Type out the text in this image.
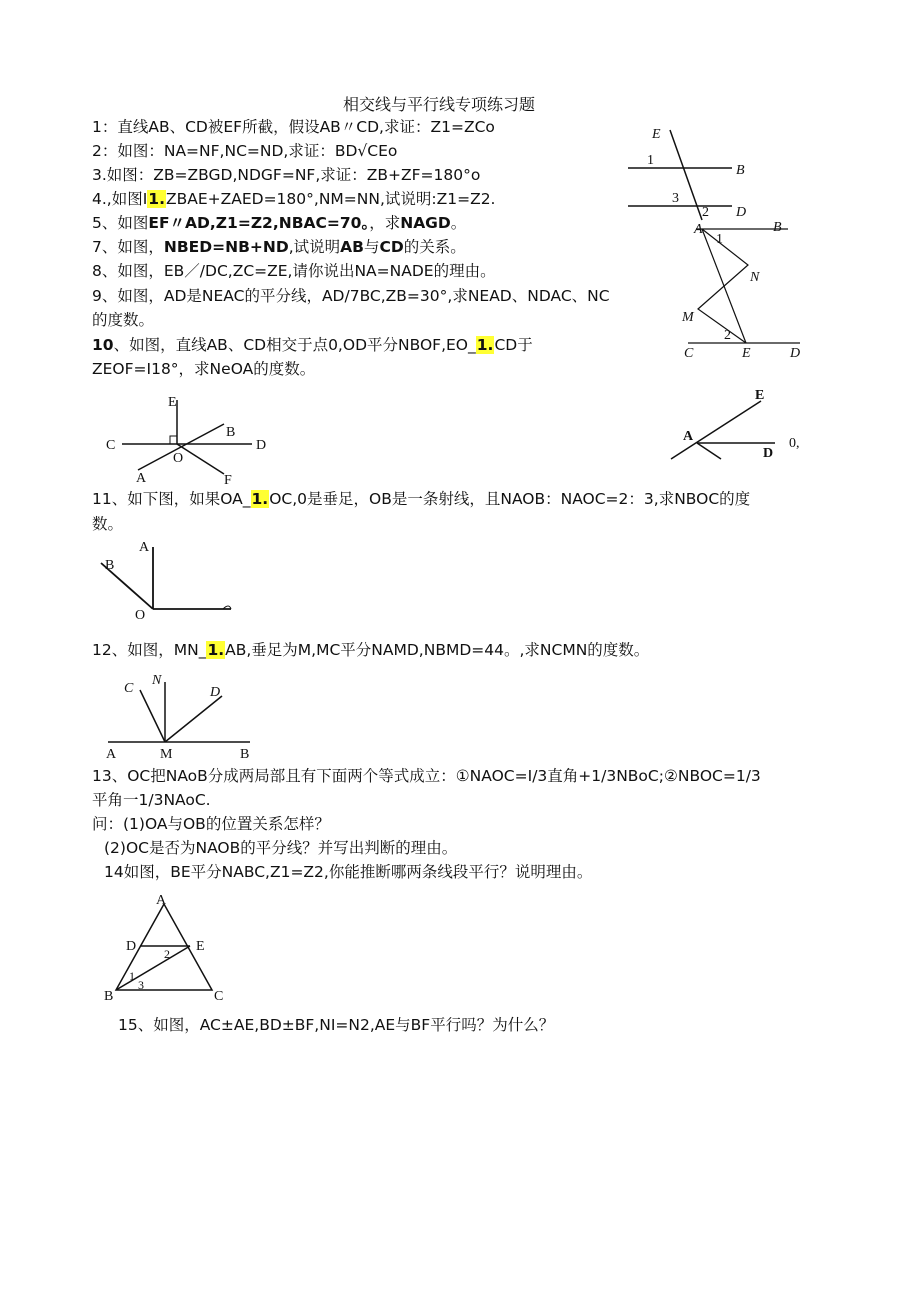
相交线与平行线专项练习题
1：直线AB、CD被EF所截，假设AB〃CD,求证：Z1=ZCo
2：如图：NA=NF,NC=ND,求证：BD√CEo
3.如图：ZB=ZBGD,NDGF=NF,求证：ZB+ZF=180°o
4.,如图I1.ZBAE+ZAED=180°,NM=NN,试说明:Z1=Z2.
5、如图EF〃AD,Z1=Z2,NBAC=70。，求NAGD。
7、如图，NBED=NB+ND,试说明AB与CD的关系。
8、如图，EB／/DC,ZC=ZE,请你说出NA=NADE的理由。
9、如图，AD是NEAC的平分线，AD/7BC,ZB=30°,求NEAD、NDAC、NC
的度数。
10、如图，直线AB、CD相交于点0,OD平分NBOF,EO_1.CD于
ZEOF=I18°，求NeOA的度数。
11、如下图，如果OA_1.OC,0是垂足，OB是一条射线，且NAOB：NAOC=2：3,求NBOC的度
数。
12、如图，MN_1.AB,垂足为M,MC平分NAMD,NBMD=44。,求NCMN的度数。
13、OC把NAoB分成两局部且有下面两个等式成立：①NAOC=I/3直角+1/3NBoC;②NBOC=1/3
平角一1/3NAoC.
问：(1)OA与OB的位置关系怎样？
(2)OC是否为NAOB的平分线？并写出判断的理由。
14如图，BE平分NABC,Z1=Z2,你能推断哪两条线段平行？说明理由。
15、如图，AC±AE,BD±BF,NI=N2,AE与BF平行吗？为什么？
E
B
D
1
3
2
A	B
1
N
M
2
C	E	D
E
A	0,
D
E
C
B
D
O
A	F
A
B
O
C
N
D
A	M	B
A
D	E
2
1
3
B	C
